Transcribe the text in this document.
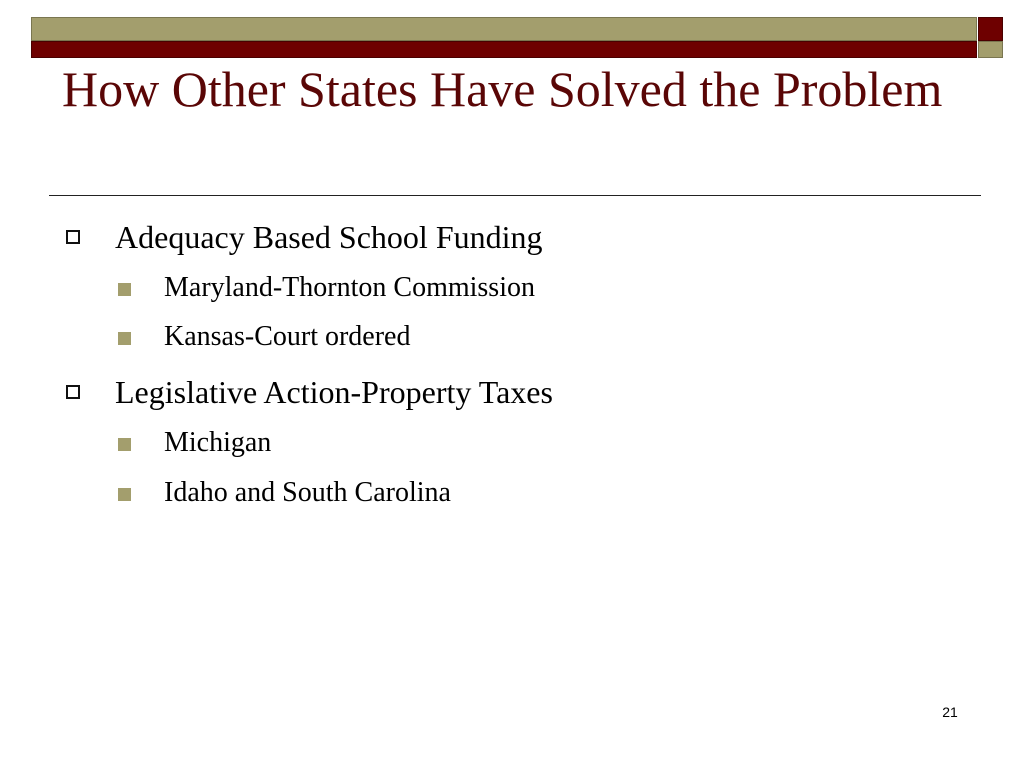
How Other States Have Solved the Problem
Adequacy Based School Funding
Maryland-Thornton Commission
Kansas-Court ordered
Legislative Action-Property Taxes
Michigan
Idaho and South Carolina
21
